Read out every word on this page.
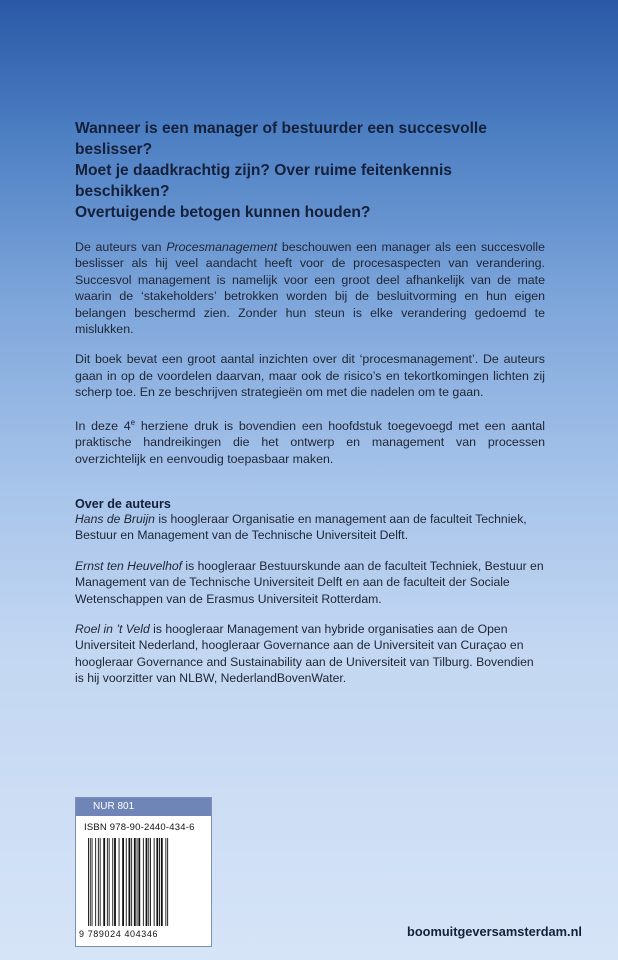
Wanneer is een manager of bestuurder een succesvolle beslisser?
Moet je daadkrachtig zijn? Over ruime feitenkennis beschikken?
Overtuigende betogen kunnen houden?

De auteurs van Procesmanagement beschouwen een manager als een succesvolle beslisser als hij veel aandacht heeft voor de procesaspecten van verandering. Succesvol management is namelijk voor een groot deel afhankelijk van de mate waarin de ‘stakeholders’ betrokken worden bij de besluitvorming en hun eigen belangen beschermd zien. Zonder hun steun is elke verandering gedoemd te mislukken.

Dit boek bevat een groot aantal inzichten over dit ‘procesmanagement’. De auteurs gaan in op de voordelen daarvan, maar ook de risico’s en tekortkomingen lichten zij scherp toe. En ze beschrijven strategieën om met die nadelen om te gaan.

In deze 4e herziene druk is bovendien een hoofdstuk toegevoegd met een aantal praktische handreikingen die het ontwerp en management van processen overzichtelijk en eenvoudig toepasbaar maken.

Over de auteurs

Hans de Bruijn is hoogleraar Organisatie en management aan de faculteit Techniek, Bestuur en Management van de Technische Universiteit Delft.

Ernst ten Heuvelhof is hoogleraar Bestuurskunde aan de faculteit Techniek, Bestuur en Management van de Technische Universiteit Delft en aan de faculteit der Sociale Wetenschappen van de Erasmus Universiteit Rotterdam.

Roel in ’t Veld is hoogleraar Management van hybride organisaties aan de Open Universiteit Nederland, hoogleraar Governance aan de Universiteit van Curaçao en hoogleraar Governance and Sustainability aan de Universiteit van Tilburg. Bovendien is hij voorzitter van NLBW, NederlandBovenWater.

NUR 801
ISBN 978-90-2440-434-6
9 789024 404346	boomuitgeversamsterdam.nl
